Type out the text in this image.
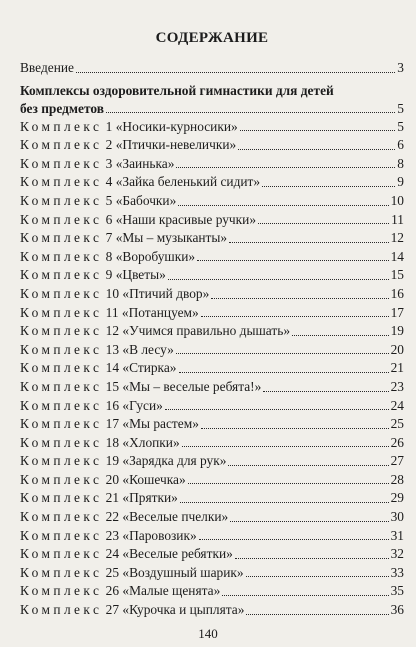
СОДЕРЖАНИЕ
Введение	3
Комплексы оздоровительной гимнастики для детей
без предметов	5
Комплекс 1 «Носики-курносики»	5
Комплекс 2 «Птички-невелички»	6
Комплекс 3 «Заинька»	8
Комплекс 4 «Зайка беленький сидит»	9
Комплекс 5 «Бабочки»	10
Комплекс 6 «Наши красивые ручки»	11
Комплекс 7 «Мы – музыканты»	12
Комплекс 8 «Воробушки»	14
Комплекс 9 «Цветы»	15
Комплекс 10 «Птичий двор»	16
Комплекс 11 «Потанцуем»	17
Комплекс 12 «Учимся правильно дышать»	19
Комплекс 13 «В лесу»	20
Комплекс 14 «Стирка»	21
Комплекс 15 «Мы – веселые ребята!»	23
Комплекс 16 «Гуси»	24
Комплекс 17 «Мы растем»	25
Комплекс 18 «Хлопки»	26
Комплекс 19 «Зарядка для рук»	27
Комплекс 20 «Кошечка»	28
Комплекс 21 «Прятки»	29
Комплекс 22 «Веселые пчелки»	30
Комплекс 23 «Паровозик»	31
Комплекс 24 «Веселые ребятки»	32
Комплекс 25 «Воздушный шарик»	33
Комплекс 26 «Малые щенята»	35
Комплекс 27 «Курочка и цыплята»	36
140
